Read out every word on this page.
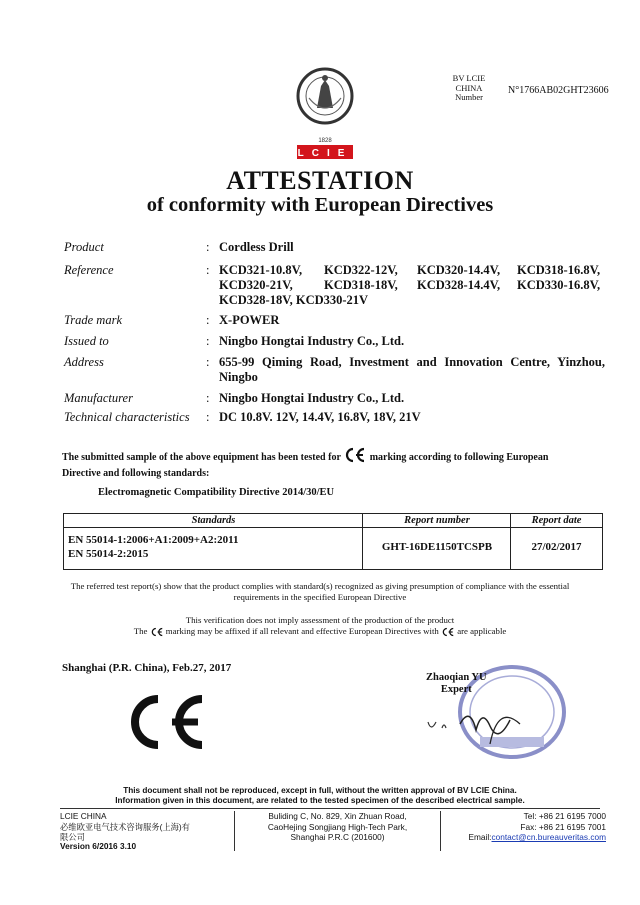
1828
LCIE
BV LCIE
CHINA
Number
N°1766AB02GHT23606
ATTESTATION
of conformity with European Directives
Product	: Cordless Drill
Reference	: KCD321-10.8V,	KCD322-12V,	KCD320-14.4V,	KCD318-16.8V,
KCD320-21V,	KCD318-18V,	KCD328-14.4V,	KCD330-16.8V,
KCD328-18V, KCD330-21V
Trade mark	: X-POWER
Issued to	: Ningbo Hongtai Industry Co., Ltd.
Address	: 655-99 Qiming Road, Investment and Innovation Centre, Yinzhou, Ningbo
Manufacturer	: Ningbo Hongtai Industry Co., Ltd.
Technical characteristics : DC 10.8V. 12V, 14.4V, 16.8V, 18V, 21V
The submitted sample of the above equipment has been tested for	marking according to following European Directive and following standards:
Electromagnetic Compatibility Directive 2014/30/EU
Standards	Report number	Report date
EN 55014-1:2006+A1:2009+A2:2011
EN 55014-2:2015
GHT-16DE1150TCSPB	27/02/2017
The referred test report(s) show that the product complies with standard(s) recognized as giving presumption of compliance with the essential requirements in the specified European Directive
This verification does not imply assessment of the production of the product
The marking may be affixed if all relevant and effective European Directives with are applicable
Shanghai (P.R. China), Feb.27, 2017
Zhaoqian YU
Expert
This document shall not be reproduced, except in full, without the written approval of BV LCIE China.
Information given in this document, are related to the tested specimen of the described electrical sample.
LCIE CHINA
必维欧亚电气技术咨询服务(上海)有
限公司
Buliding C, No. 829, Xin Zhuan Road,
CaoHejing Songjiang High-Tech Park,
Shanghai P.R.C (201600)
Tel: +86 21 6195 7000
Fax: +86 21 6195 7001
Email:contact@cn.bureauveritas.com
Version 6/2016 3.10
